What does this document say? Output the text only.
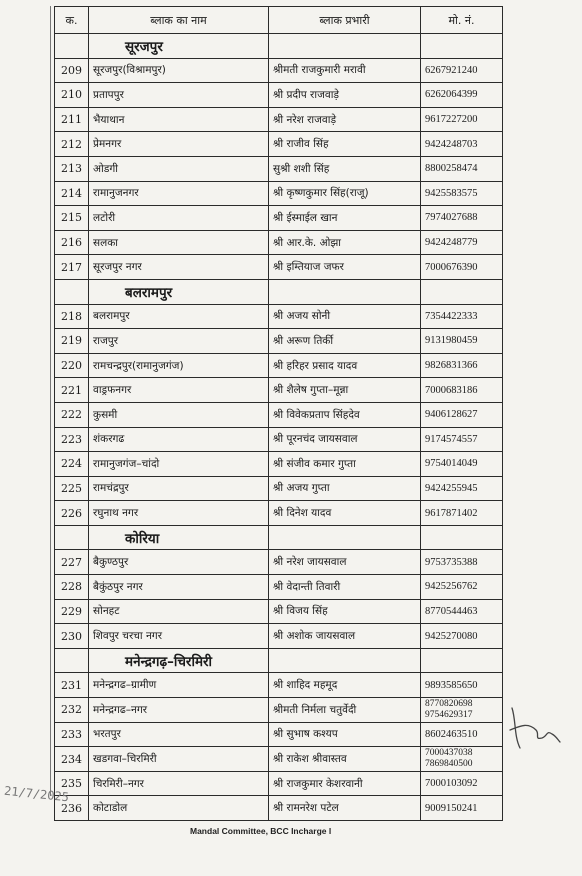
क.	ब्लाक का नाम	ब्लाक प्रभारी	मो. नं.
	सूरजपुर		
209	सूरजपुर(विश्रामपुर)	श्रीमती राजकुमारी मरावी	6267921240
210	प्रतापपुर	श्री प्रदीप राजवाड़े	6262064399
211	भैयाथान	श्री नरेश राजवाड़े	9617227200
212	प्रेमनगर	श्री राजीव सिंह	9424248703
213	ओडगी	सुश्री शशी सिंह	8800258474
214	रामानुजनगर	श्री कृष्णकुमार सिंह(राजू)	9425583575
215	लटोरी	श्री ईस्माईल खान	7974027688
216	सलका	श्री आर.के. ओझा	9424248779
217	सूरजपुर नगर	श्री इम्तियाज जफर	7000676390
	बलरामपुर		
218	बलरामपुर	श्री अजय सोनी	7354422333
219	राजपुर	श्री अरूण तिर्की	9131980459
220	रामचन्द्रपुर(रामानुजगंज)	श्री हरिहर प्रसाद यादव	9826831366
221	वाड्रफनगर	श्री शैलेष गुप्ता–मून्ना	7000683186
222	कुसमी	श्री विवेकप्रताप सिंहदेव	9406128627
223	शंकरगढ	श्री पूरनचंद जायसवाल	9174574557
224	रामानुजगंज–चांदो	श्री संजीव कमार गुप्ता	9754014049
225	रामचंद्रपुर	श्री अजय गुप्ता	9424255945
226	रघुनाथ नगर	श्री दिनेश यादव	9617871402
	कोरिया		
227	बैकुण्ठपुर	श्री नरेश जायसवाल	9753735388
228	बैकुंठपुर नगर	श्री वेदान्ती तिवारी	9425256762
229	सोनहट	श्री विजय सिंह	8770544463
230	शिवपुर चरचा नगर	श्री अशोक जायसवाल	9425270080
	मनेन्द्रगढ़–चिरमिरी		
231	मनेन्द्रगढ–ग्रामीण	श्री शाहिद महमूद	9893585650
232	मनेन्द्रगढ–नगर	श्रीमती निर्मला चतुर्वेदी	8770820698
9754629317

233	भरतपुर	श्री सुभाष कश्यप	8602463510
234	खडगवा–चिरमिरी	श्री राकेश श्रीवास्तव	7000437038
7869840500

235	चिरमिरी–नगर	श्री राजकुमार केशरवानी	7000103092
236	कोटाडोल	श्री रामनरेश पटेल	9009150241
21/7/2025
Mandal Committee, BCC Incharge l
